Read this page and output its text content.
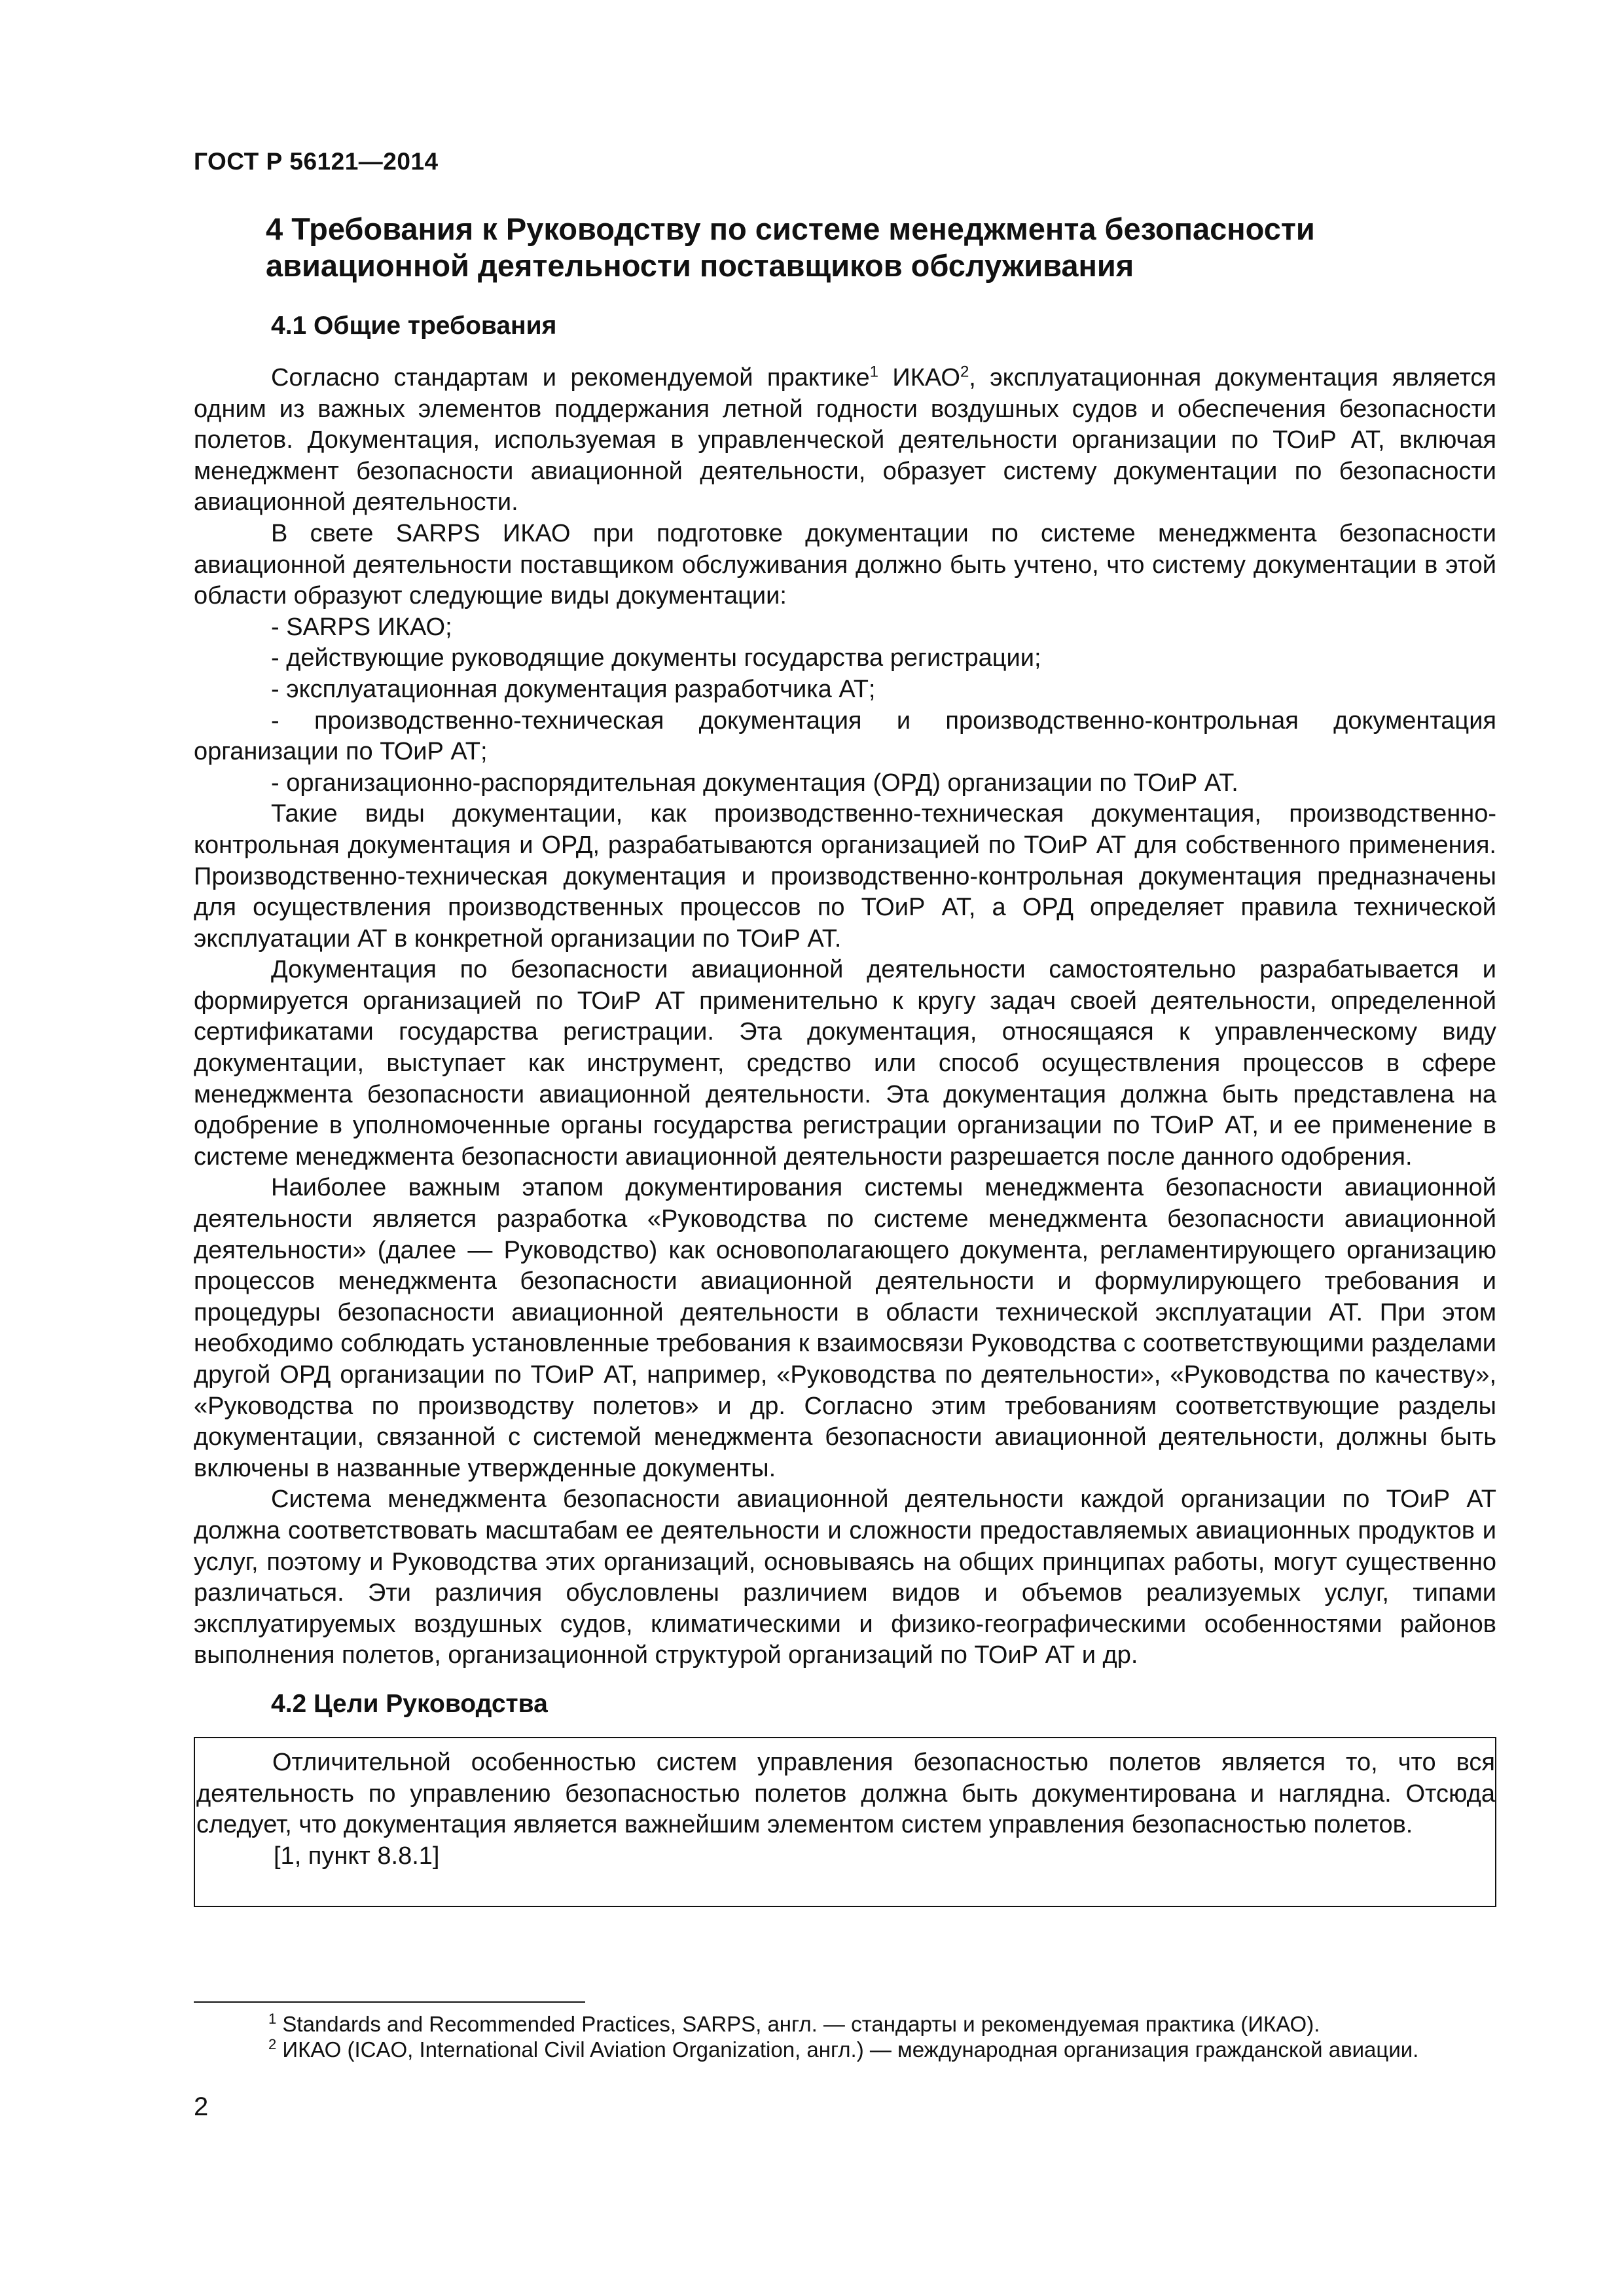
ГОСТ Р 56121—2014
4 Требования к Руководству по системе менеджмента безопасности авиационной деятельности поставщиков обслуживания
4.1 Общие требования

Согласно стандартам и рекомендуемой практике$^1$ ИКАО$^2$, эксплуатационная документация является одним из важных элементов поддержания летной годности воздушных судов и обеспечения безопасности полетов. Документация, используемая в управленческой деятельности организации по ТОиР АТ, включая менеджмент безопасности авиационной деятельности, образует систему документации по безопасности авиационной деятельности.

В свете SARPS ИКАО при подготовке документации по системе менеджмента безопасности авиационной деятельности поставщиком обслуживания должно быть учтено, что систему документации в этой области образуют следующие виды документации:

- SARPS ИКАО;

- действующие руководящие документы государства регистрации;

- эксплуатационная документация разработчика АТ;

- производственно-техническая документация и производственно-контрольная документация организации по ТОиР АТ;

- организационно-распорядительная документация (ОРД) организации по ТОиР АТ.

Такие виды документации, как производственно-техническая документация, производственно-контрольная документация и ОРД, разрабатываются организацией по ТОиР АТ для собственного применения. Производственно-техническая документация и производственно-контрольная документация предназначены для осуществления производственных процессов по ТОиР АТ, а ОРД определяет правила технической эксплуатации АТ в конкретной организации по ТОиР АТ.

Документация по безопасности авиационной деятельности самостоятельно разрабатывается и формируется организацией по ТОиР АТ применительно к кругу задач своей деятельности, определенной сертификатами государства регистрации. Эта документация, относящаяся к управленческому виду документации, выступает как инструмент, средство или способ осуществления процессов в сфере менеджмента безопасности авиационной деятельности. Эта документация должна быть представлена на одобрение в уполномоченные органы государства регистрации организации по ТОиР АТ, и ее применение в системе менеджмента безопасности авиационной деятельности разрешается после данного одобрения.

Наиболее важным этапом документирования системы менеджмента безопасности авиационной деятельности является разработка «Руководства по системе менеджмента безопасности авиационной деятельности» (далее — Руководство) как основополагающего документа, регламентирующего организацию процессов менеджмента безопасности авиационной деятельности и формулирующего требования и процедуры безопасности авиационной деятельности в области технической эксплуатации АТ. При этом необходимо соблюдать установленные требования к взаимосвязи Руководства с соответствующими разделами другой ОРД организации по ТОиР АТ, например, «Руководства по деятельности», «Руководства по качеству», «Руководства по производству полетов» и др. Согласно этим требованиям соответствующие разделы документации, связанной с системой менеджмента безопасности авиационной деятельности, должны быть включены в названные утвержденные документы.

Система менеджмента безопасности авиационной деятельности каждой организации по ТОиР АТ должна соответствовать масштабам ее деятельности и сложности предоставляемых авиационных продуктов и услуг, поэтому и Руководства этих организаций, основываясь на общих принципах работы, могут существенно различаться. Эти различия обусловлены различием видов и объемов реализуемых услуг, типами эксплуатируемых воздушных судов, климатическими и физико-географическими особенностями районов выполнения полетов, организационной структурой организаций по ТОиР АТ и др.

4.2 Цели Руководства

Отличительной особенностью систем управления безопасностью полетов является то, что вся деятельность по управлению безопасностью полетов должна быть документирована и наглядна. Отсюда следует, что документация является важнейшим элементом систем управления безопасностью полетов.

[1, пункт 8.8.1]

$^1$ Standards and Recommended Practices, SARPS, англ. — стандарты и рекомендуемая практика (ИКАО).

$^2$ ИКАО (ICAO, International Civil Aviation Organization, англ.) — международная организация гражданской авиации.

2
